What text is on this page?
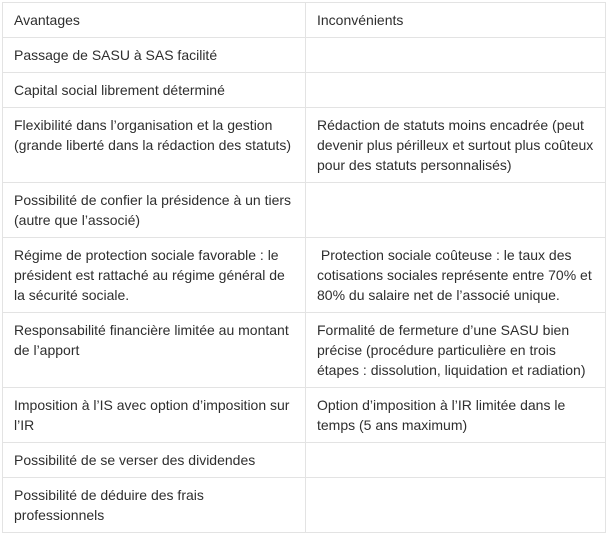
Avantages	Inconvénients
Passage de SASU à SAS facilité	
Capital social librement déterminé	
Flexibilité dans l’organisation et la gestion (grande liberté dans la rédaction des statuts)	Rédaction de statuts moins encadrée (peut devenir plus périlleux et surtout plus coûteux pour des statuts personnalisés)
Possibilité de confier la présidence à un tiers (autre que l’associé)	
Régime de protection sociale favorable : le président est rattaché au régime général de la sécurité sociale.	Protection sociale coûteuse : le taux des cotisations sociales représente entre 70% et 80% du salaire net de l’associé unique.
Responsabilité financière limitée au montant de l’apport	Formalité de fermeture d’une SASU bien précise (procédure particulière en trois étapes : dissolution, liquidation et radiation)
Imposition à l’IS avec option d’imposition sur l’IR	Option d’imposition à l’IR limitée dans le temps (5 ans maximum)
Possibilité de se verser des dividendes	
Possibilité de déduire des frais professionnels	
